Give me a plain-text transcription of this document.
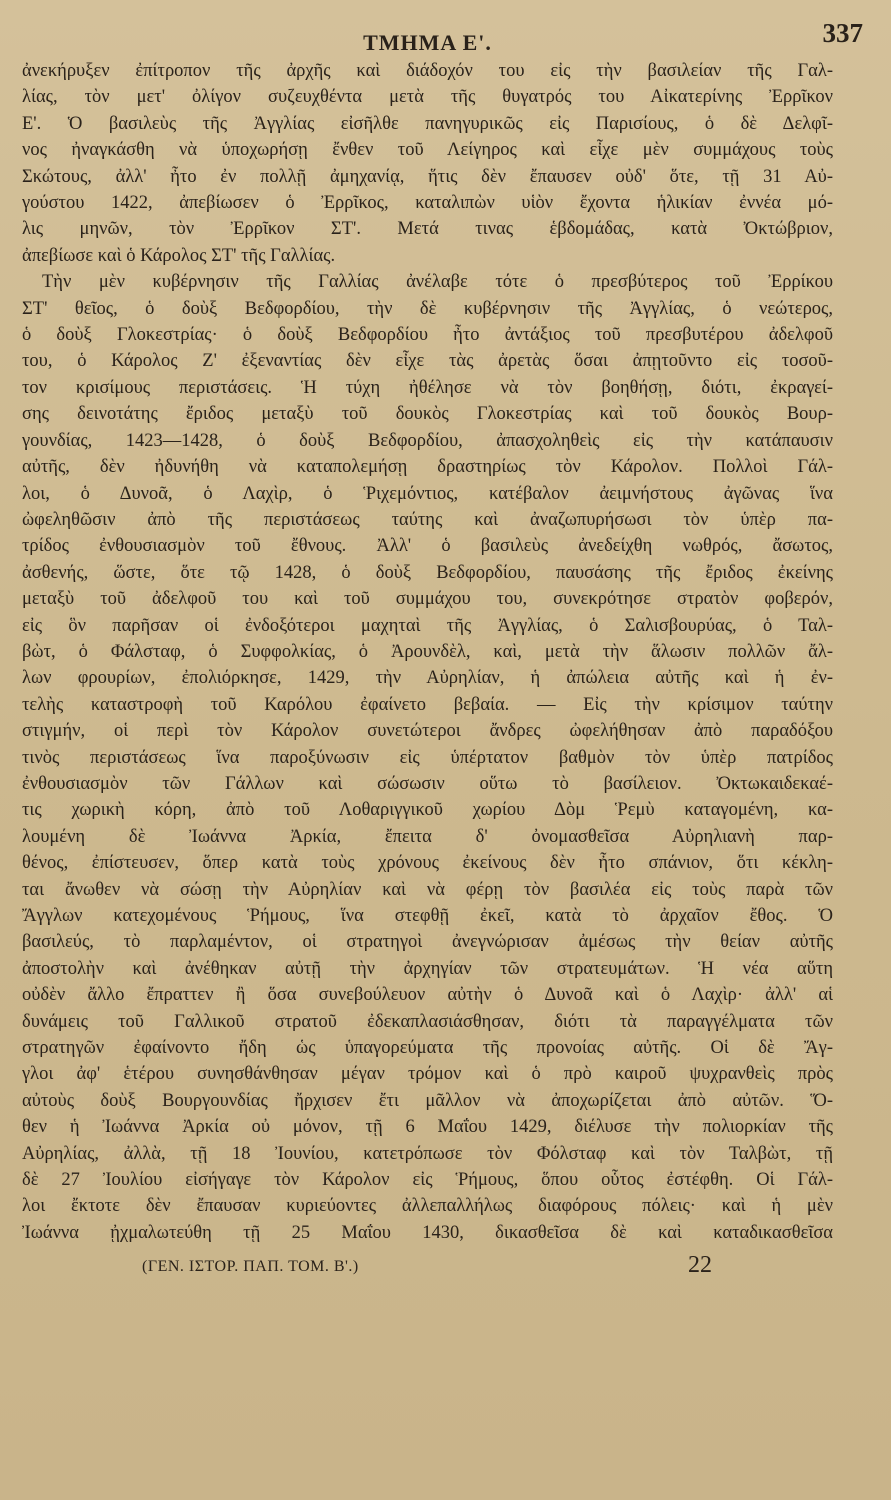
ΤΜΗΜΑ Ε'.	337
ἀνεκήρυξεν ἐπίτροπον τῆς ἀρχῆς καὶ διάδοχόν του εἰς τὴν βασιλείαν τῆς Γαλ-
λίας, τὸν μετ' ὀλίγον συζευχθέντα μετὰ τῆς θυγατρός του Αἰκατερίνης Ἐρρῖκον
Ε'. Ὁ βασιλεὺς τῆς Ἀγγλίας εἰσῆλθε πανηγυρικῶς εἰς Παρισίους, ὁ δὲ Δελφῖ-
νος ἠναγκάσθη νὰ ὑποχωρήσῃ ἔνθεν τοῦ Λείγηρος καὶ εἶχε μὲν συμμάχους τοὺς
Σκώτους, ἀλλ' ἦτο ἐν πολλῇ ἀμηχανίᾳ, ἥτις δὲν ἔπαυσεν οὐδ' ὅτε, τῇ 31 Αὐ-
γούστου 1422, ἀπεβίωσεν ὁ Ἐρρῖκος, καταλιπὼν υἱὸν ἔχοντα ἡλικίαν ἐννέα μό-
λις μηνῶν, τὸν Ἐρρῖκον ΣΤ'. Μετά τινας ἑβδομάδας, κατὰ Ὀκτώβριον,
ἀπεβίωσε καὶ ὁ Κάρολος ΣΤ' τῆς Γαλλίας.
Τὴν μὲν κυβέρνησιν τῆς Γαλλίας ἀνέλαβε τότε ὁ πρεσβύτερος τοῦ Ἐρρίκου
ΣΤ' θεῖος, ὁ δοὺξ Βεδφορδίου, τὴν δὲ κυβέρνησιν τῆς Ἀγγλίας, ὁ νεώτερος,
ὁ δοὺξ Γλοκεστρίας· ὁ δοὺξ Βεδφορδίου ἦτο ἀντάξιος τοῦ πρεσβυτέρου ἀδελφοῦ
του, ὁ Κάρολος Ζ' ἐξεναντίας δὲν εἶχε τὰς ἀρετὰς ὅσαι ἀπῃτοῦντο εἰς τοσοῦ-
τον κρισίμους περιστάσεις. Ἡ τύχη ἠθέλησε νὰ τὸν βοηθήσῃ, διότι, ἐκραγεί-
σης δεινοτάτης ἔριδος μεταξὺ τοῦ δουκὸς Γλοκεστρίας καὶ τοῦ δουκὸς Βουρ-
γουνδίας, 1423—1428, ὁ δοὺξ Βεδφορδίου, ἀπασχοληθεὶς εἰς τὴν κατάπαυσιν
αὐτῆς, δὲν ἠδυνήθη νὰ καταπολεμήσῃ δραστηρίως τὸν Κάρολον. Πολλοὶ Γάλ-
λοι, ὁ Δυνοᾶ, ὁ Λαχὶρ, ὁ Ῥιχεμόντιος, κατέβαλον ἀειμνήστους ἀγῶνας ἵνα
ὠφεληθῶσιν ἀπὸ τῆς περιστάσεως ταύτης καὶ ἀναζωπυρήσωσι τὸν ὑπὲρ πα-
τρίδος ἐνθουσιασμὸν τοῦ ἔθνους. Ἀλλ' ὁ βασιλεὺς ἀνεδείχθη νωθρός, ἄσωτος,
ἀσθενής, ὥστε, ὅτε τῷ 1428, ὁ δοὺξ Βεδφορδίου, παυσάσης τῆς ἔριδος ἐκείνης
μεταξὺ τοῦ ἀδελφοῦ του καὶ τοῦ συμμάχου του, συνεκρότησε στρατὸν φοβερόν,
εἰς ὃν παρῆσαν οἱ ἐνδοξότεροι μαχηταὶ τῆς Ἀγγλίας, ὁ Σαλισβουρύας, ὁ Ταλ-
βὼτ, ὁ Φάλσταφ, ὁ Συφφολκίας, ὁ Ἀρουνδὲλ, καὶ, μετὰ τὴν ἅλωσιν πολλῶν ἄλ-
λων φρουρίων, ἐπολιόρκησε, 1429, τὴν Αὐρηλίαν, ἡ ἀπώλεια αὐτῆς καὶ ἡ ἐν-
τελὴς καταστροφὴ τοῦ Καρόλου ἐφαίνετο βεβαία. — Εἰς τὴν κρίσιμον ταύτην
στιγμήν, οἱ περὶ τὸν Κάρολον συνετώτεροι ἄνδρες ὠφελήθησαν ἀπὸ παραδόξου
τινὸς περιστάσεως ἵνα παροξύνωσιν εἰς ὑπέρτατον βαθμὸν τὸν ὑπὲρ πατρίδος
ἐνθουσιασμὸν τῶν Γάλλων καὶ σώσωσιν οὕτω τὸ βασίλειον. Ὀκτωκαιδεκαέ-
τις χωρικὴ κόρη, ἀπὸ τοῦ Λοθαριγγικοῦ χωρίου Δὸμ Ῥεμὺ καταγομένη, κα-
λουμένη δὲ Ἰωάννα Ἀρκία, ἔπειτα δ' ὀνομασθεῖσα Αὐρηλιανὴ παρ-
θένος, ἐπίστευσεν, ὅπερ κατὰ τοὺς χρόνους ἐκείνους δὲν ἦτο σπάνιον, ὅτι κέκλη-
ται ἄνωθεν νὰ σώσῃ τὴν Αὐρηλίαν καὶ νὰ φέρῃ τὸν βασιλέα εἰς τοὺς παρὰ τῶν
Ἄγγλων κατεχομένους Ῥήμους, ἵνα στεφθῇ ἐκεῖ, κατὰ τὸ ἀρχαῖον ἔθος. Ὁ
βασιλεύς, τὸ παρλαμέντον, οἱ στρατηγοὶ ἀνεγνώρισαν ἀμέσως τὴν θείαν αὐτῆς
ἀποστολὴν καὶ ἀνέθηκαν αὐτῇ τὴν ἀρχηγίαν τῶν στρατευμάτων. Ἡ νέα αὕτη
οὐδὲν ἄλλο ἔπραττεν ἢ ὅσα συνεβούλευον αὐτὴν ὁ Δυνοᾶ καὶ ὁ Λαχὶρ· ἀλλ' αἱ
δυνάμεις τοῦ Γαλλικοῦ στρατοῦ ἐδεκαπλασιάσθησαν, διότι τὰ παραγγέλματα τῶν
στρατηγῶν ἐφαίνοντο ἤδη ὡς ὑπαγορεύματα τῆς προνοίας αὐτῆς. Οἱ δὲ Ἄγ-
γλοι ἀφ' ἑτέρου συνησθάνθησαν μέγαν τρόμον καὶ ὁ πρὸ καιροῦ ψυχρανθεὶς πρὸς
αὐτοὺς δοὺξ Βουργουνδίας ἤρχισεν ἔτι μᾶλλον νὰ ἀποχωρίζεται ἀπὸ αὐτῶν. Ὅ-
θεν ἡ Ἰωάννα Ἀρκία οὐ μόνον, τῇ 6 Μαΐου 1429, διέλυσε τὴν πολιορκίαν τῆς
Αὐρηλίας, ἀλλὰ, τῇ 18 Ἰουνίου, κατετρόπωσε τὸν Φόλσταφ καὶ τὸν Ταλβὼτ, τῇ
δὲ 27 Ἰουλίου εἰσήγαγε τὸν Κάρολον εἰς Ῥήμους, ὅπου οὗτος ἐστέφθη. Οἱ Γάλ-
λοι ἔκτοτε δὲν ἔπαυσαν κυριεύοντες ἀλλεπαλλήλως διαφόρους πόλεις· καὶ ἡ μὲν
Ἰωάννα ᾐχμαλωτεύθη τῇ 25 Μαΐου 1430, δικασθεῖσα δὲ καὶ καταδικασθεῖσα
(ΓΕΝ. ΙΣΤΟΡ. ΠΑΠ. ΤΟΜ. Β'.)	22
